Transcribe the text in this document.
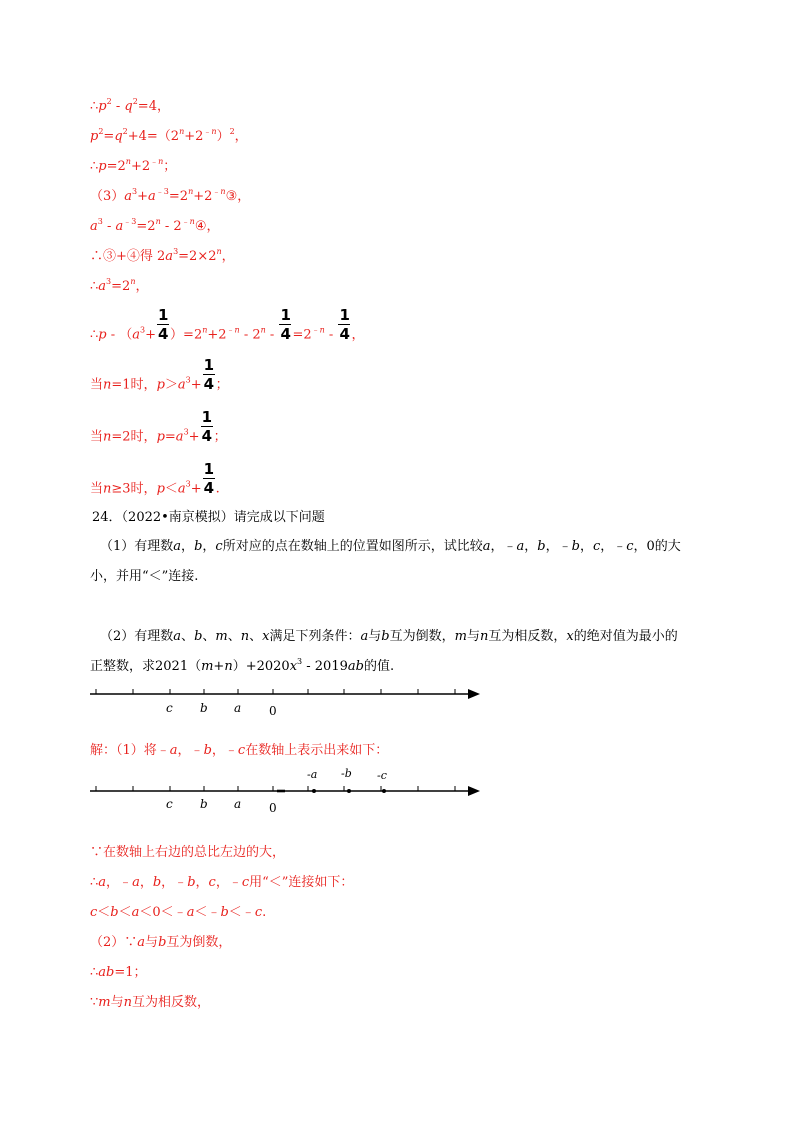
$\therefore p^2 - q^2=4$，
$p^2=q^2+4=(2^n+2^{﹣n})^2$，
$\therefore p=2^n+2^{﹣n}$；
$(3)a^3+a^{﹣3}=2^n+2^{﹣n}③$，
$a^3 - a^{﹣3}=2^n$ - $2^{﹣n}④$，
∴③+④得 $2a^3=2\times 2^n$，
$\therefore a^3=2^n$，
∴p - $(a^3+ \frac{1}{4} )=2^n+2^{﹣n} - 2^n - \frac{1}{4} =2^{﹣n} - \frac{1}{4}$ ，
当n=1时，$p>a^3+ \frac{1}{4}$ ；
当n=2时，$p=a^3+ \frac{1}{4}$ ；
当n≥3时，$p<a^3+ \frac{1}{4}$ .
24．（2022•南京模拟）请完成以下问题
（1）有理数a，b，c所对应的点在数轴上的位置如图所示，试比较a，﹣a，b，﹣b，c，﹣c，0的大
小，并用“＜”连接.
（2）有理数a、b、m、n、x满足下列条件：a与b互为倒数，m与n互为相反数，x的绝对值为最小的
正整数，求$2021(m+n)+2020x^3 - 2019ab$的值.
c b a 0
解：（1）将﹣a，﹣b，﹣c在数轴上表示出来如下：
-a -b -c
c b a 0
∵在数轴上右边的总比左边的大，
∴a，﹣a，b，﹣b，c，﹣c用“＜”连接如下：
c＜b＜a＜0＜﹣a＜﹣b＜﹣c.
（2）∵a与b互为倒数，
∴ab=1；
∵m与n互为相反数，
